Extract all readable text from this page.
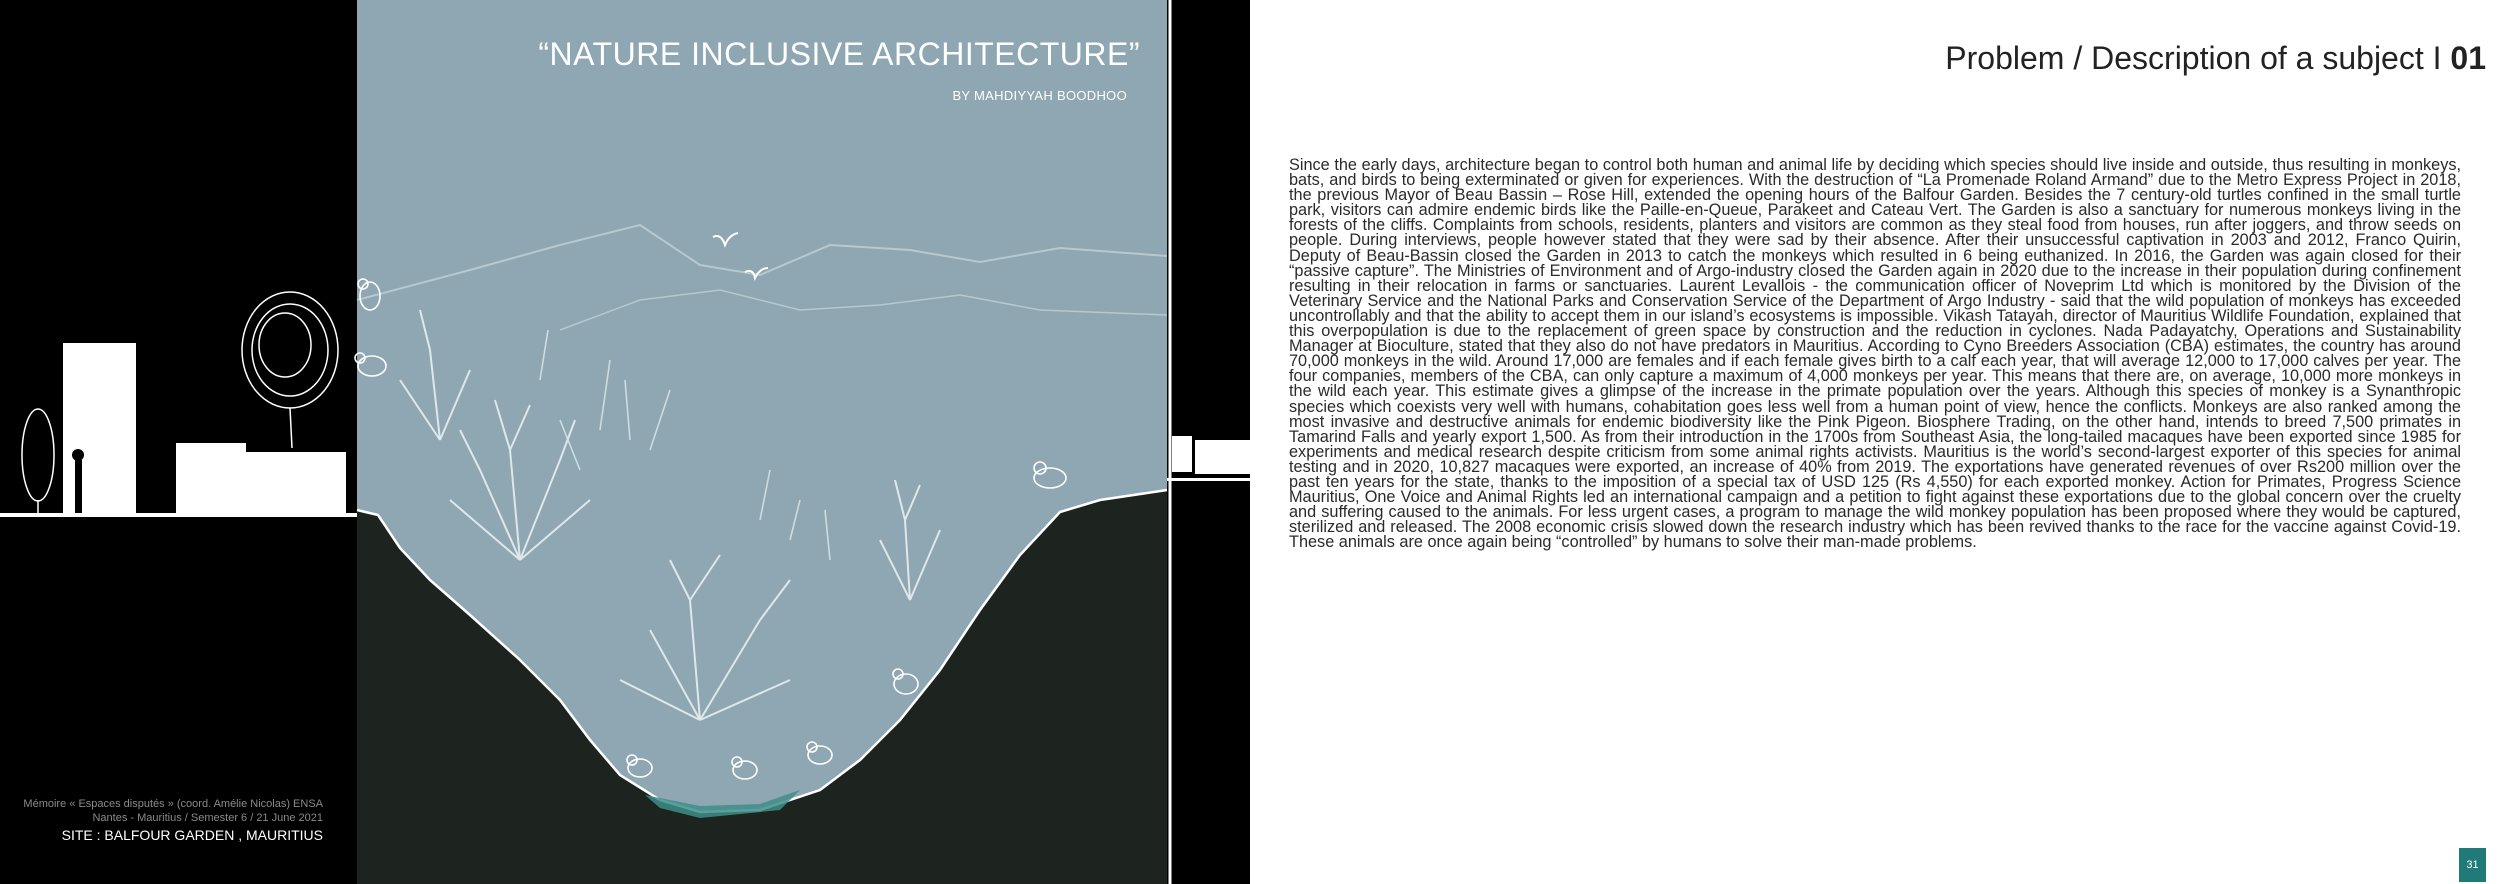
“NATURE INCLUSIVE ARCHITECTURE”
BY MAHDIYYAH BOODHOO
Mémoire « Espaces disputés » (coord. Amélie Nicolas) ENSA Nantes - Mauritius / Semester 6 / 21 June 2021
SITE : BALFOUR GARDEN , MAURITIUS
Problem / Description of a subject I 01
Since the early days, architecture began to control both human and animal life by deciding which species should live inside and outside, thus resulting in monkeys, bats, and birds to being exterminated or given for experiences. With the destruction of “La Promenade Roland Armand” due to the Metro Express Project in 2018, the previous Mayor of Beau Bassin – Rose Hill, extended the opening hours of the Balfour Garden. Besides the 7 century-old turtles confined in the small turtle park, visitors can admire endemic birds like the Paille-en-Queue, Parakeet and Cateau Vert. The Garden is also a sanctuary for numerous monkeys living in the forests of the cliffs. Complaints from schools, residents, planters and visitors are common as they steal food from houses, run after joggers, and throw seeds on people. During interviews, people however stated that they were sad by their absence. After their unsuccessful captivation in 2003 and 2012, Franco Quirin, Deputy of Beau-Bassin closed the Garden in 2013 to catch the monkeys which resulted in 6 being euthanized. In 2016, the Garden was again closed for their “passive capture”. The Ministries of Environment and of Argo-industry closed the Garden again in 2020 due to the increase in their population during confinement resulting in their relocation in farms or sanctuaries. Laurent Levallois - the communication officer of Noveprim Ltd which is monitored by the Division of the Veterinary Service and the National Parks and Conservation Service of the Department of Argo Industry - said that the wild population of monkeys has exceeded uncontrollably and that the ability to accept them in our island’s ecosystems is impossible. Vikash Tatayah, director of Mauritius Wildlife Foundation, explained that this overpopulation is due to the replacement of green space by construction and the reduction in cyclones. Nada Padayatchy, Operations and Sustainability Manager at Bioculture, stated that they also do not have predators in Mauritius. According to Cyno Breeders Association (CBA) estimates, the country has around 70,000 monkeys in the wild. Around 17,000 are females and if each female gives birth to a calf each year, that will average 12,000 to 17,000 calves per year. The four companies, members of the CBA, can only capture a maximum of 4,000 monkeys per year. This means that there are, on average, 10,000 more monkeys in the wild each year. This estimate gives a glimpse of the increase in the primate population over the years. Although this species of monkey is a Synanthropic species which coexists very well with humans, cohabitation goes less well from a human point of view, hence the conflicts. Monkeys are also ranked among the most invasive and destructive animals for endemic biodiversity like the Pink Pigeon. Biosphere Trading, on the other hand, intends to breed 7,500 primates in Tamarind Falls and yearly export 1,500. As from their introduction in the 1700s from Southeast Asia, the long-tailed macaques have been exported since 1985 for experiments and medical research despite criticism from some animal rights activists. Mauritius is the world’s second-largest exporter of this species for animal testing and in 2020, 10,827 macaques were exported, an increase of 40% from 2019. The exportations have generated revenues of over Rs200 million over the past ten years for the state, thanks to the imposition of a special tax of USD 125 (Rs 4,550) for each exported monkey. Action for Primates, Progress Science Mauritius, One Voice and Animal Rights led an international campaign and a petition to fight against these exportations due to the global concern over the cruelty and suffering caused to the animals. For less urgent cases, a program to manage the wild monkey population has been proposed where they would be captured, sterilized and released. The 2008 economic crisis slowed down the research industry which has been revived thanks to the race for the vaccine against Covid-19. These animals are once again being “controlled” by humans to solve their man-made problems.
31
